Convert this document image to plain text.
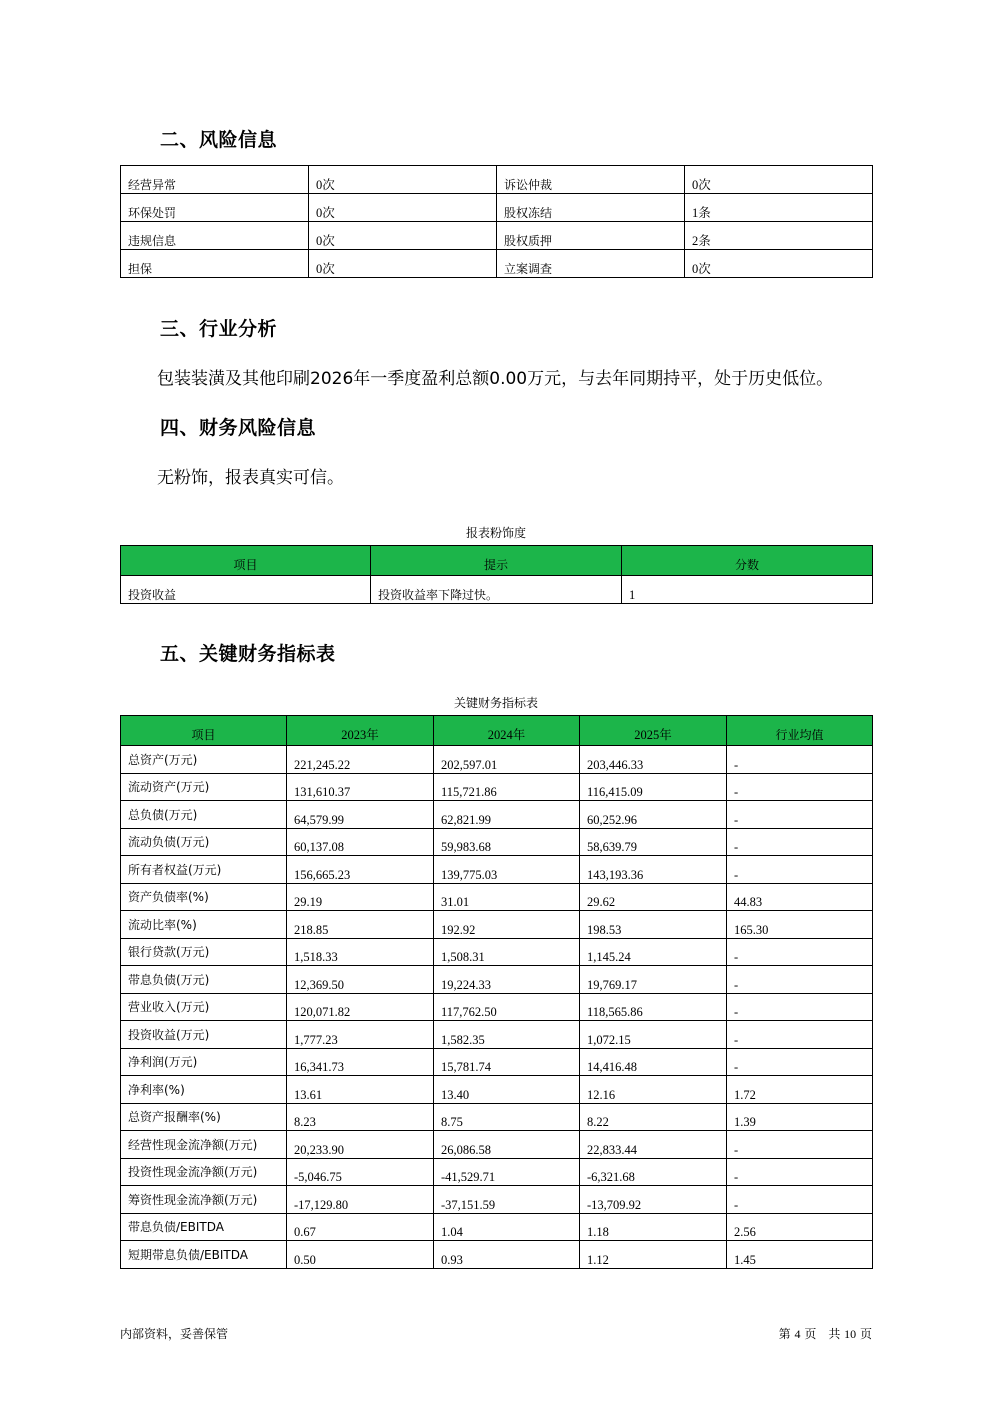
二、风险信息
经营异常	0次	诉讼仲裁	0次
环保处罚	0次	股权冻结	1条
违规信息	0次	股权质押	2条
担保	0次	立案调查	0次
三、行业分析

包装装潢及其他印刷2026年一季度盈利总额0.00万元，与去年同期持平，处于历史低位。

四、财务风险信息

无粉饰，报表真实可信。

报表粉饰度

项目	提示	分数
投资收益	投资收益率下降过快。	1
五、关键财务指标表

关键财务指标表

项目	2023年	2024年	2025年	行业均值
总资产(万元)	221,245.22	202,597.01	203,446.33	-
流动资产(万元)	131,610.37	115,721.86	116,415.09	-
总负债(万元)	64,579.99	62,821.99	60,252.96	-
流动负债(万元)	60,137.08	59,983.68	58,639.79	-
所有者权益(万元)	156,665.23	139,775.03	143,193.36	-
资产负债率(%)	29.19	31.01	29.62	44.83
流动比率(%)	218.85	192.92	198.53	165.30
银行贷款(万元)	1,518.33	1,508.31	1,145.24	-
带息负债(万元)	12,369.50	19,224.33	19,769.17	-
营业收入(万元)	120,071.82	117,762.50	118,565.86	-
投资收益(万元)	1,777.23	1,582.35	1,072.15	-
净利润(万元)	16,341.73	15,781.74	14,416.48	-
净利率(%)	13.61	13.40	12.16	1.72
总资产报酬率(%)	8.23	8.75	8.22	1.39
经营性现金流净额(万元)	20,233.90	26,086.58	22,833.44	-
投资性现金流净额(万元)	-5,046.75	-41,529.71	-6,321.68	-
筹资性现金流净额(万元)	-17,129.80	-37,151.59	-13,709.92	-
带息负债/EBITDA	0.67	1.04	1.18	2.56
短期带息负债/EBITDA	0.50	0.93	1.12	1.45
内部资料，妥善保管	第 4 页　共 10 页
